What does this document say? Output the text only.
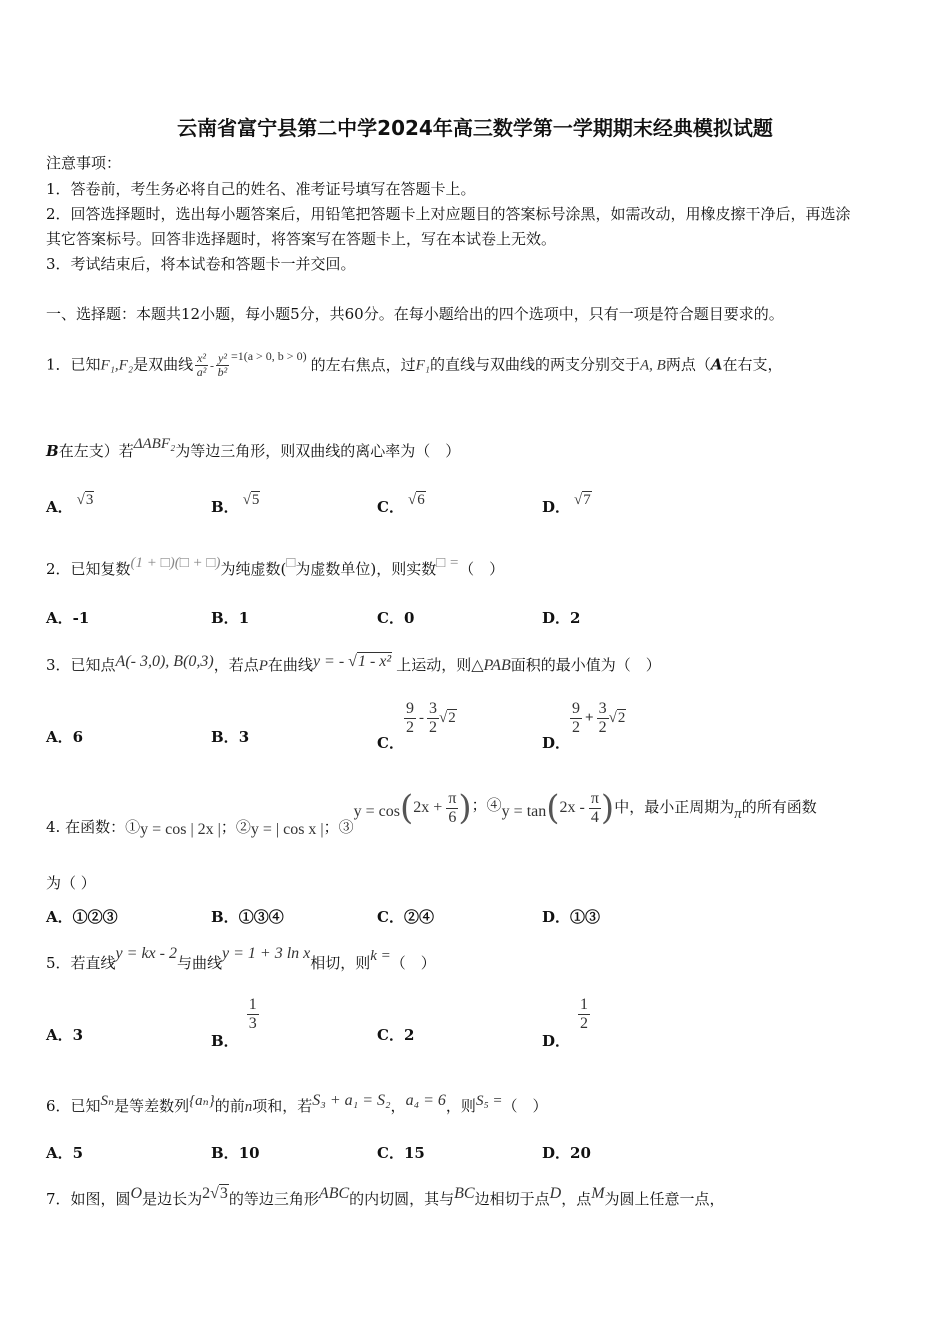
云南省富宁县第二中学2024年高三数学第一学期期末经典模拟试题
注意事项：
1．答卷前，考生务必将自己的姓名、准考证号填写在答题卡上。
2．回答选择题时，选出每小题答案后，用铅笔把答题卡上对应题目的答案标号涂黑，如需改动，用橡皮擦干净后，再选涂
其它答案标号。回答非选择题时，将答案写在答题卡上，写在本试卷上无效。
3．考试结束后，将本试卷和答题卡一并交回。
一、选择题：本题共12小题，每小题5分，共60分。在每小题给出的四个选项中，只有一项是符合题目要求的。
1．已知F₁,F₂是双曲线 $\frac{\text{x²}}{\text{a²}} - \frac{\text{y²}}{\text{b²}} ^{=1(a > 0, b > 0)}$ 的左右焦点，过F₁的直线与双曲线的两支分别交于A, B两点（A在右支，
B在左支）若ΔABF₂为等边三角形，则双曲线的离心率为（　）
A． √3	B． √5	C． √6	D． √7
2．已知复数(1 + □)(□ + □)为纯虚数(□为虚数单位)，则实数□ =（　）
A．-1	B．1	C．0	D．2
3．已知点A(- 3,0), B(0,3)，若点P在曲线y = - √1 - x² 上运动，则△PAB面积的最小值为（　）
A．6	B．3	C．
$\frac{9}{2} - \frac{3}{2} √2$
D．
$\frac{9}{2} + \frac{3}{2} √2$
4. 在函数：①y = cos | 2x |；②y = | cos x |；③y = $\cos(2x + \frac{\pi}{6}$ )；④y = $\tan(2x - \frac{\pi}{4}$ )中，最小正周期为π的所有函数
为（ ）
A．①②③	B．①③④	C．②④	D．①③
5．若直线y = kx - 2与曲线y = 1 + 3 ln x相切，则k =（　）
A．3	B．
$\frac{1}{3}$
C．2	D．
$\frac{1}{2}$
6．已知Sₙ是等差数列{aₙ}的前n项和，若S₃ + a₁ = S₂，a₄ = 6，则S₅ =（　）
A．5	B．10	C．15	D．20
7．如图，圆O是边长为2√3的等边三角形ABC的内切圆，其与BC边相切于点D，点M为圆上任意一点，
